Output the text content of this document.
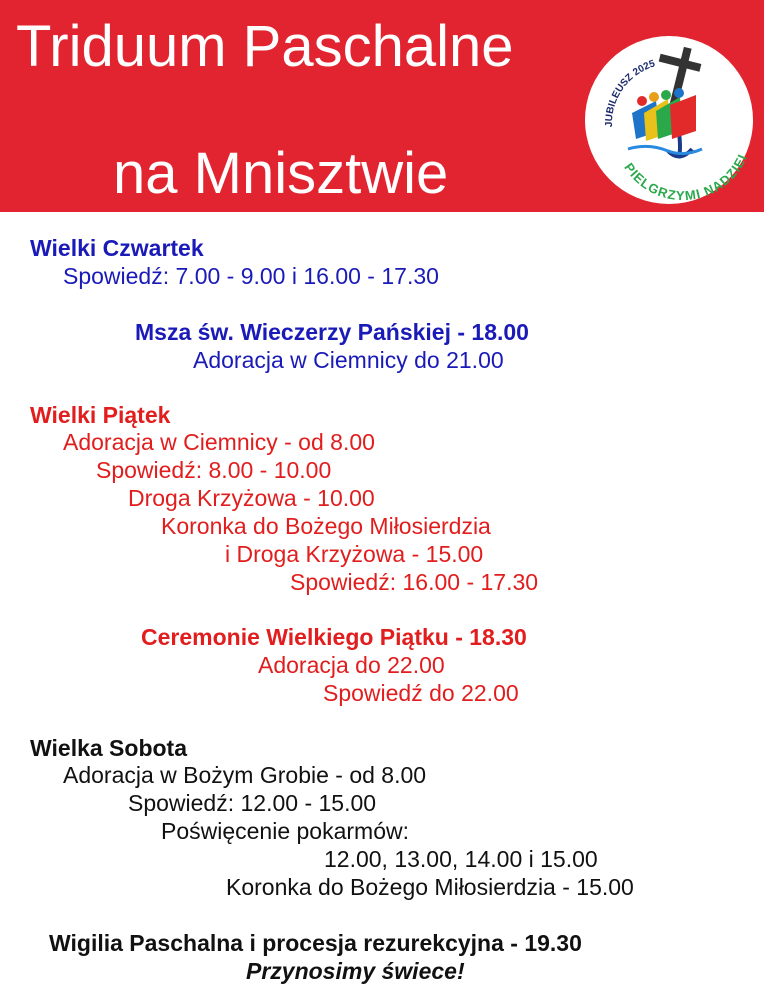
Triduum Paschalne
na Mnisztwie
JUBILEUSZ 2025
PIELGRZYMI NADZIEI
Wielki Czwartek
Spowiedź: 7.00 - 9.00 i 16.00 - 17.30
Msza św. Wieczerzy Pańskiej - 18.00
Adoracja w Ciemnicy do 21.00
Wielki Piątek
Adoracja w Ciemnicy - od 8.00
Spowiedź: 8.00 - 10.00
Droga Krzyżowa - 10.00
Koronka do Bożego Miłosierdzia
i Droga Krzyżowa - 15.00
Spowiedź: 16.00 - 17.30
Ceremonie Wielkiego Piątku - 18.30
Adoracja do 22.00
Spowiedź do 22.00
Wielka Sobota
Adoracja w Bożym Grobie - od 8.00
Spowiedź: 12.00 - 15.00
Poświęcenie pokarmów:
12.00, 13.00, 14.00 i 15.00
Koronka do Bożego Miłosierdzia - 15.00
Wigilia Paschalna i procesja rezurekcyjna - 19.30
Przynosimy świece!
